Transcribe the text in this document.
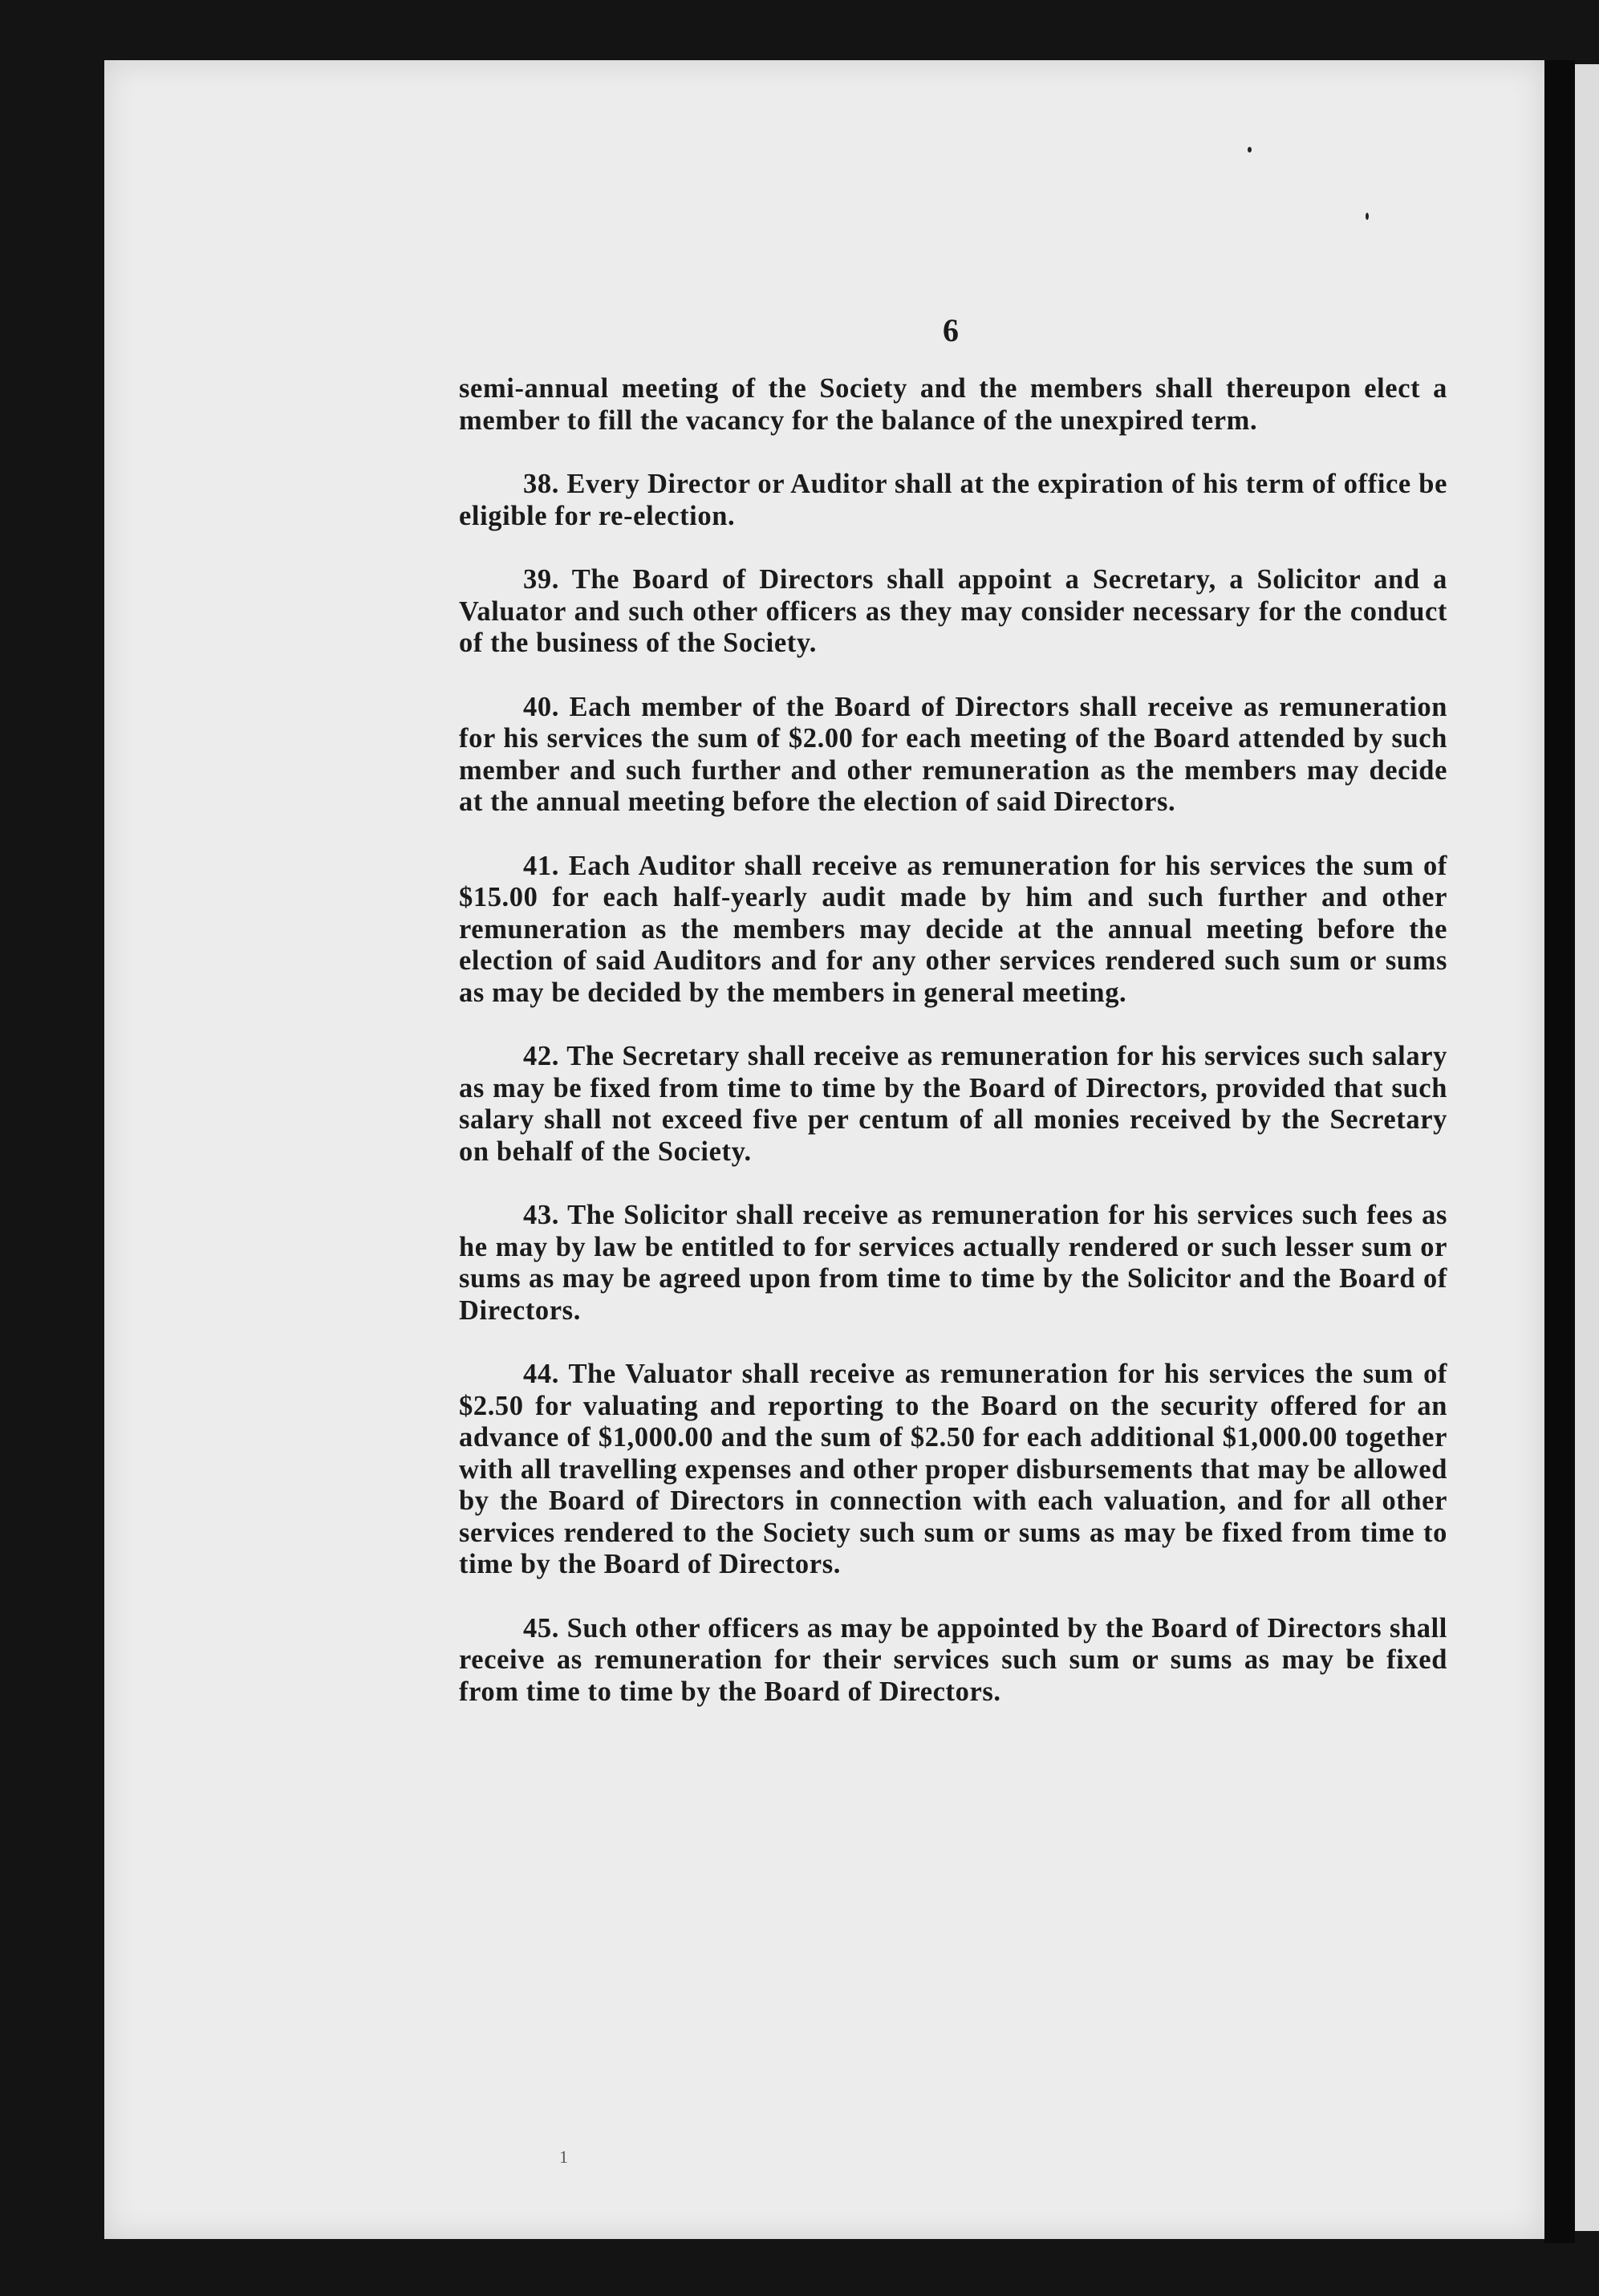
6

semi-annual meeting of the Society and the members shall thereupon elect a member to fill the vacancy for the balance of the unexpired term.

38. Every Director or Auditor shall at the expiration of his term of office be eligible for re-election.

39. The Board of Directors shall appoint a Secretary, a Solicitor and a Valuator and such other officers as they may consider necessary for the conduct of the business of the Society.

40. Each member of the Board of Directors shall receive as remuneration for his services the sum of $2.00 for each meeting of the Board attended by such member and such further and other remuneration as the members may decide at the annual meeting before the election of said Directors.

41. Each Auditor shall receive as remuneration for his services the sum of $15.00 for each half-yearly audit made by him and such further and other remuneration as the members may decide at the annual meeting before the election of said Auditors and for any other services rendered such sum or sums as may be decided by the members in general meeting.

42. The Secretary shall receive as remuneration for his services such salary as may be fixed from time to time by the Board of Directors, provided that such salary shall not exceed five per centum of all monies received by the Secretary on behalf of the Society.

43. The Solicitor shall receive as remuneration for his services such fees as he may by law be entitled to for services actually rendered or such lesser sum or sums as may be agreed upon from time to time by the Solicitor and the Board of Directors.

44. The Valuator shall receive as remuneration for his services the sum of $2.50 for valuating and reporting to the Board on the security offered for an advance of $1,000.00 and the sum of $2.50 for each additional $1,000.00 together with all travelling expenses and other proper disbursements that may be allowed by the Board of Directors in connection with each valuation, and for all other services rendered to the Society such sum or sums as may be fixed from time to time by the Board of Directors.

45. Such other officers as may be appointed by the Board of Directors shall receive as remuneration for their services such sum or sums as may be fixed from time to time by the Board of Directors.

1
